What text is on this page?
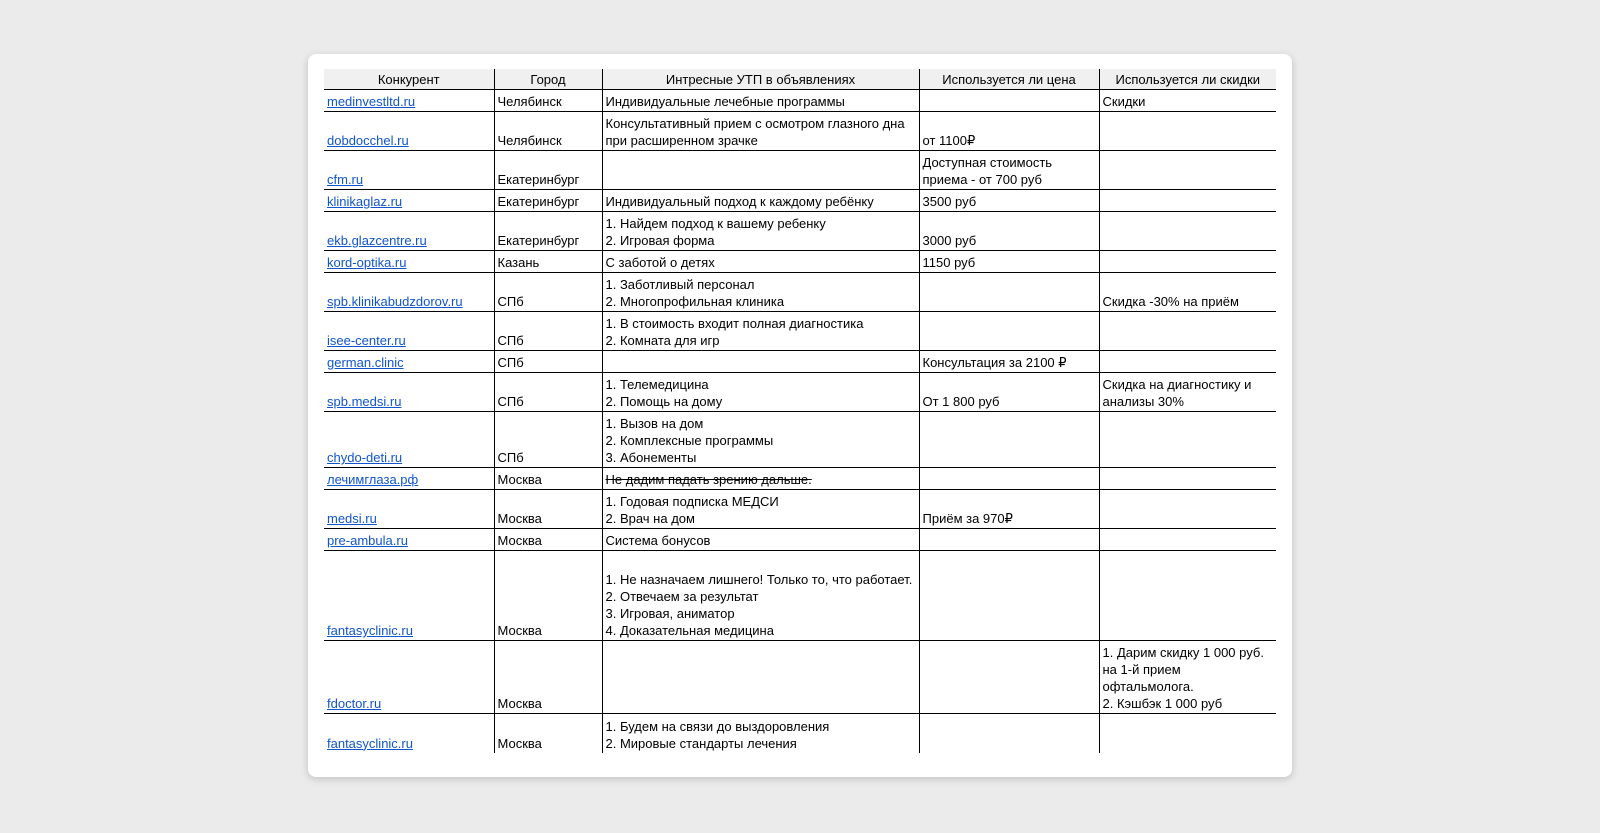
Конкурент	Город	Интресные УТП в объявлениях	Используется ли цена	Используется ли скидки
medinvestltd.ru	Челябинск	Индивидуальные лечебные программы		Скидки
dobdocchel.ru	Челябинск	Консультативный прием с осмотром глазного дна при расширенном зрачке	от 1100₽	
cfm.ru	Екатеринбург		Доступная стоимость приема - от 700 руб	
klinikaglaz.ru	Екатеринбург	Индивидуальный подход к каждому ребёнку	3500 руб	
ekb.glazcentre.ru	Екатеринбург	1. Найдем подход к вашему ребенку
2. Игровая форма	3000 руб	
kord-optika.ru	Казань	С заботой о детях	1150 руб	
spb.klinikabudzdorov.ru	СПб	1. Заботливый персонал
2. Многопрофильная клиника		Скидка -30% на приём
isee-center.ru	СПб	1. В стоимость входит полная диагностика
2. Комната для игр		
german.clinic	СПб		Консультация за 2100 ₽	
spb.medsi.ru	СПб	1. Телемедицина
2. Помощь на дому	От 1 800 руб	Скидка на диагностику и анализы 30%
chydo-deti.ru	СПб	1. Вызов на дом
2. Комплексные программы
3. Абонементы		
лечимглаза.рф	Москва	Не дадим падать зрению дальше.		
medsi.ru	Москва	1. Годовая подписка МЕДСИ
2. Врач на дом	Приём за 970₽	
pre-ambula.ru	Москва	Система бонусов		
fantasyclinic.ru	Москва	1. Не назначаем лишнего! Только то, что работает.
2. Отвечаем за результат
3. Игровая, аниматор
4. Доказательная медицина		
fdoctor.ru	Москва			1. Дарим скидку 1 000 руб. на 1-й прием офтальмолога.
2. Кэшбэк 1 000 руб
fantasyclinic.ru	Москва	1. Будем на связи до выздоровления
2. Мировые стандарты лечения		
